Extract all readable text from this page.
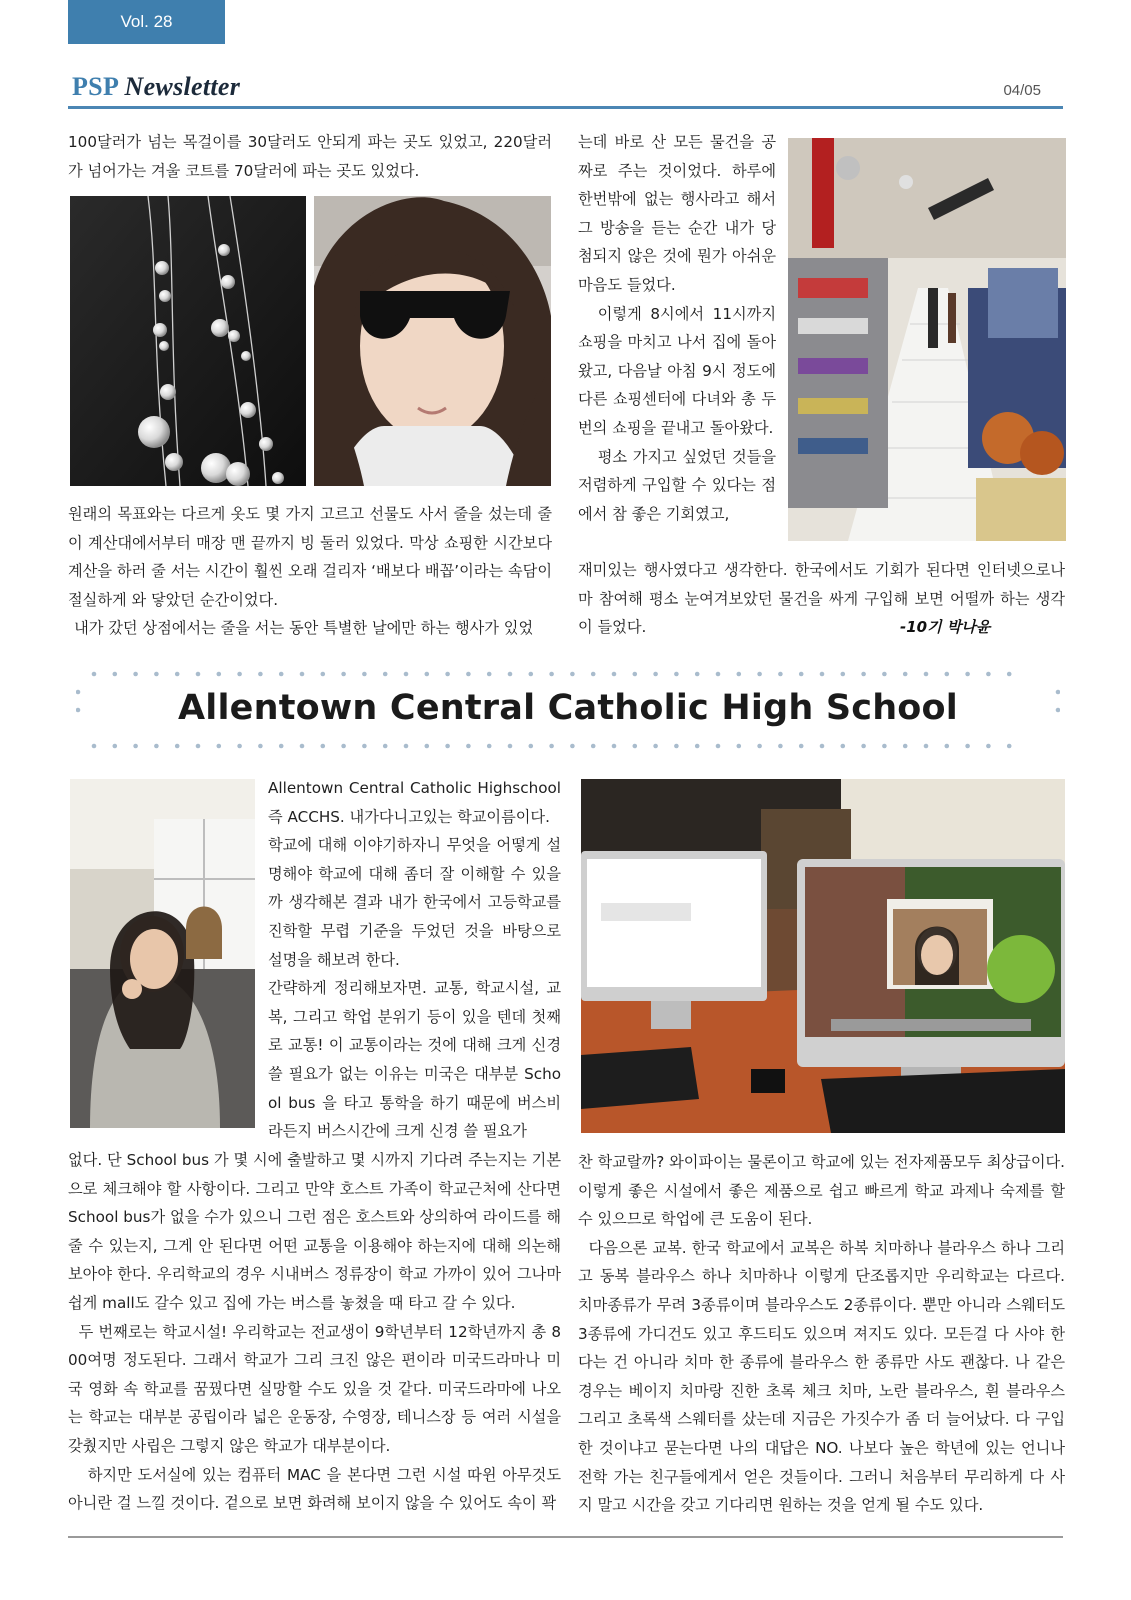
Vol. 28
PSP Newsletter	04/05

100달러가 넘는 목걸이를 30달러도 안되게 파는 곳도 있었고, 220달러가 넘어가는 겨울 코트를 70달러에 파는 곳도 있었다.

원래의 목표와는 다르게 옷도 몇 가지 고르고 선물도 사서 줄을 섰는데 줄이 계산대에서부터 매장 맨 끝까지 빙 둘러 있었다. 막상 쇼핑한 시간보다 계산을 하러 줄 서는 시간이 훨씬 오래 걸리자 ‘배보다 배꼽’이라는 속담이 절실하게 와 닿았던 순간이었다.

내가 갔던 상점에서는 줄을 서는 동안 특별한 날에만 하는 행사가 있었

는데 바로 산 모든 물건을 공짜로 주는 것이었다. 하루에 한번밖에 없는 행사라고 해서 그 방송을 듣는 순간 내가 당첨되지 않은 것에 뭔가 아쉬운 마음도 들었다.

이렇게 8시에서 11시까지 쇼핑을 마치고 나서 집에 돌아왔고, 다음날 아침 9시 정도에 다른 쇼핑센터에 다녀와 총 두 번의 쇼핑을 끝내고 돌아왔다.

평소 가지고 싶었던 것들을 저렴하게 구입할 수 있다는 점에서 참 좋은 기회였고,

재미있는 행사였다고 생각한다. 한국에서도 기회가 된다면 인터넷으로나마 참여해 평소 눈여겨보았던 물건을 싸게 구입해 보면 어떨까 하는 생각이 들었다.	-10기 박나윤
Allentown Central Catholic High School

Allentown Central Catholic Highschool 즉 ACCHS. 내가다니고있는 학교이름이다.

학교에 대해 이야기하자니 무엇을 어떻게 설명해야 학교에 대해 좀더 잘 이해할 수 있을까 생각해본 결과 내가 한국에서 고등학교를 진학할 무렵 기준을 두었던 것을 바탕으로 설명을 해보려 한다.

간략하게 정리해보자면. 교통, 학교시설, 교복, 그리고 학업 분위기 등이 있을 텐데 첫째로 교통! 이 교통이라는 것에 대해 크게 신경 쓸 필요가 없는 이유는 미국은 대부분 School bus 을 타고 통학을 하기 때문에 버스비라든지 버스시간에 크게 신경 쓸 필요가

없다. 단 School bus 가 몇 시에 출발하고 몇 시까지 기다려 주는지는 기본으로 체크해야 할 사항이다. 그리고 만약 호스트 가족이 학교근처에 산다면 School bus가 없을 수가 있으니 그런 점은 호스트와 상의하여 라이드를 해 줄 수 있는지, 그게 안 된다면 어떤 교통을 이용해야 하는지에 대해 의논해 보아야 한다. 우리학교의 경우 시내버스 정류장이 학교 가까이 있어 그나마 쉽게 mall도 갈수 있고 집에 가는 버스를 놓쳤을 때 타고 갈 수 있다.

두 번째로는 학교시설! 우리학교는 전교생이 9학년부터 12학년까지 총 800여명 정도된다. 그래서 학교가 그리 크진 않은 편이라 미국드라마나 미국 영화 속 학교를 꿈꿨다면 실망할 수도 있을 것 같다. 미국드라마에 나오는 학교는 대부분 공립이라 넓은 운동장, 수영장, 테니스장 등 여러 시설을 갖췄지만 사립은 그렇지 않은 학교가 대부분이다.

하지만 도서실에 있는 컴퓨터 MAC 을 본다면 그런 시설 따윈 아무것도 아니란 걸 느낄 것이다. 겉으로 보면 화려해 보이지 않을 수 있어도 속이 꽉

찬 학교랄까? 와이파이는 물론이고 학교에 있는 전자제품모두 최상급이다. 이렇게 좋은 시설에서 좋은 제품으로 쉽고 빠르게 학교 과제나 숙제를 할 수 있으므로 학업에 큰 도움이 된다.

다음으론 교복. 한국 학교에서 교복은 하복 치마하나 블라우스 하나 그리고 동복 블라우스 하나 치마하나 이렇게 단조롭지만 우리학교는 다르다. 치마종류가 무려 3종류이며 블라우스도 2종류이다. 뿐만 아니라 스웨터도 3종류에 가디건도 있고 후드티도 있으며 져지도 있다. 모든걸 다 사야 한다는 건 아니라 치마 한 종류에 블라우스 한 종류만 사도 괜찮다. 나 같은 경우는 베이지 치마랑 진한 초록 체크 치마, 노란 블라우스, 흰 블라우스 그리고 초록색 스웨터를 샀는데 지금은 가짓수가 좀 더 늘어났다. 다 구입한 것이냐고 묻는다면 나의 대답은 NO. 나보다 높은 학년에 있는 언니나 전학 가는 친구들에게서 얻은 것들이다. 그러니 처음부터 무리하게 다 사지 말고 시간을 갖고 기다리면 원하는 것을 얻게 될 수도 있다.
